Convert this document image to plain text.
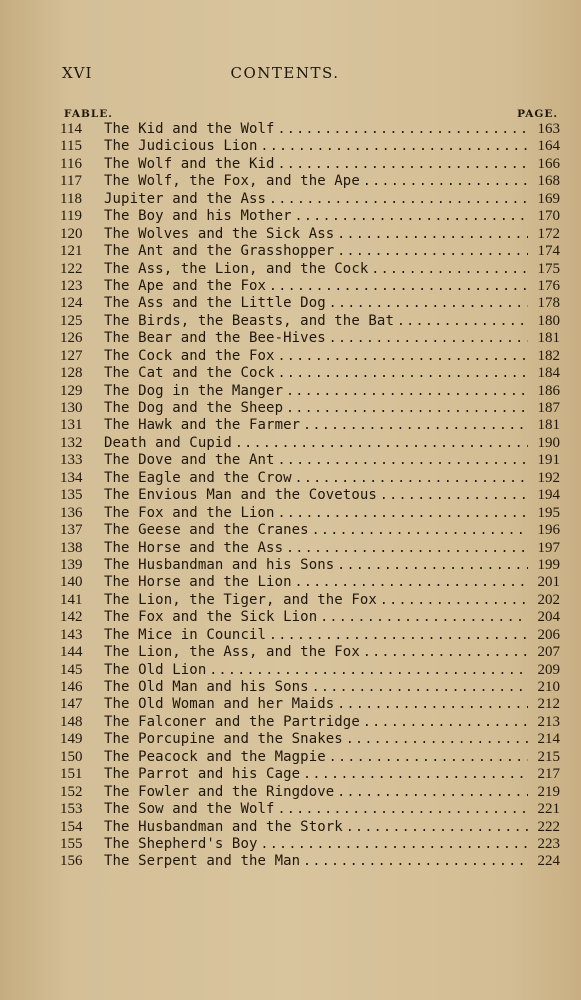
XVI	CONTENTS.
FABLE.	PAGE.
114	The Kid and the Wolf .....	163
115	The Judicious Lion .....	164
116	The Wolf and the Kid .....	166
117	The Wolf, the Fox, and the Ape .....	168
118	Jupiter and the Ass .....	169
119	The Boy and his Mother .....	170
120	The Wolves and the Sick Ass .....	172
121	The Ant and the Grasshopper .....	174
122	The Ass, the Lion, and the Cock .....	175
123	The Ape and the Fox .....	176
124	The Ass and the Little Dog .....	178
125	The Birds, the Beasts, and the Bat .....	180
126	The Bear and the Bee-Hives .....	181
127	The Cock and the Fox .....	182
128	The Cat and the Cock .....	184
129	The Dog in the Manger .....	186
130	The Dog and the Sheep .....	187
131	The Hawk and the Farmer .....	181
132	Death and Cupid .....	190
133	The Dove and the Ant .....	191
134	The Eagle and the Crow .....	192
135	The Envious Man and the Covetous .....	194
136	The Fox and the Lion .....	195
137	The Geese and the Cranes .....	196
138	The Horse and the Ass .....	197
139	The Husbandman and his Sons .....	199
140	The Horse and the Lion .....	201
141	The Lion, the Tiger, and the Fox .....	202
142	The Fox and the Sick Lion .....	204
143	The Mice in Council .....	206
144	The Lion, the Ass, and the Fox .....	207
145	The Old Lion .....	209
146	The Old Man and his Sons .....	210
147	The Old Woman and her Maids .....	212
148	The Falconer and the Partridge .....	213
149	The Porcupine and the Snakes .....	214
150	The Peacock and the Magpie .....	215
151	The Parrot and his Cage .....	217
152	The Fowler and the Ringdove .....	219
153	The Sow and the Wolf .....	221
154	The Husbandman and the Stork .....	222
155	The Shepherd's Boy .....	223
156	The Serpent and the Man .....	224
